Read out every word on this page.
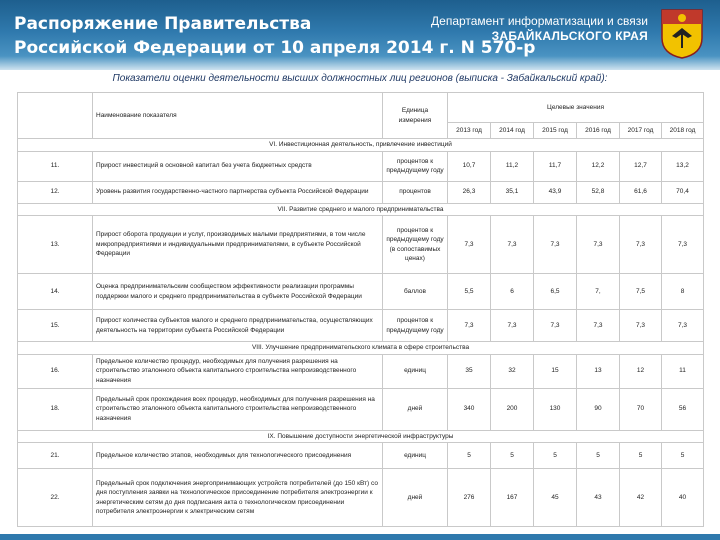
Распоряжение Правительства
Российской Федерации от 10 апреля 2014 г. N 570-р
Департамент информатизации и связи
ЗАБАЙКАЛЬСКОГО КРАЯ
Показатели оценки деятельности высших должностных лиц регионов (выписка - Забайкальский край):
	Наименование показателя	Единица измерения	Целевые значения					
			2013 год	2014 год	2015 год	2016 год	2017 год	2018 год
VI. Инвестиционная деятельность, привлечение инвестиций								
11.	Прирост инвестиций в основной капитал без учета бюджетных средств	процентов к предыдущему году	10,7	11,2	11,7	12,2	12,7	13,2
12.	Уровень развития государственно-частного партнерства субъекта Российской Федерации	процентов	26,3	35,1	43,9	52,8	61,6	70,4
VII. Развитие среднего и малого предпринимательства								
13.	Прирост оборота продукции и услуг, производимых малыми предприятиями, в том числе микропредприятиями и индивидуальными предпринимателями, в субъекте Российской Федерации	процентов к предыдущему году (в сопоставимых ценах)	7,3	7,3	7,3	7,3	7,3	7,3
14.	Оценка предпринимательским сообществом эффективности реализации программы поддержки малого и среднего предпринимательства в субъекте Российской Федерации	баллов	5,5	6	6,5	7,	7,5	8
15.	Прирост количества субъектов малого и среднего предпринимательства, осуществляющих деятельность на территории субъекта Российской Федерации	процентов к предыдущему году	7,3	7,3	7,3	7,3	7,3	7,3
VIII. Улучшение предпринимательского климата в сфере строительства								
16.	Предельное количество процедур, необходимых для получения разрешения на строительство эталонного объекта капитального строительства непроизводственного назначения	единиц	35	32	15	13	12	11
18.	Предельный срок прохождения всех процедур, необходимых для получения разрешения на строительство эталонного объекта капитального строительства непроизводственного назначения	дней	340	200	130	90	70	56
IX. Повышение доступности энергетической инфраструктуры								
21.	Предельное количество этапов, необходимых для технологического присоединения	единиц	5	5	5	5	5	5
22.	Предельный срок подключения энергопринимающих устройств потребителей (до 150 кВт) со дня поступления заявки на технологическое присоединение потребителя электроэнергии к энергетическим сетям до дня подписания акта о технологическом присоединении потребителя электроэнергии к электрическим сетям	дней	276	167	45	43	42	40
